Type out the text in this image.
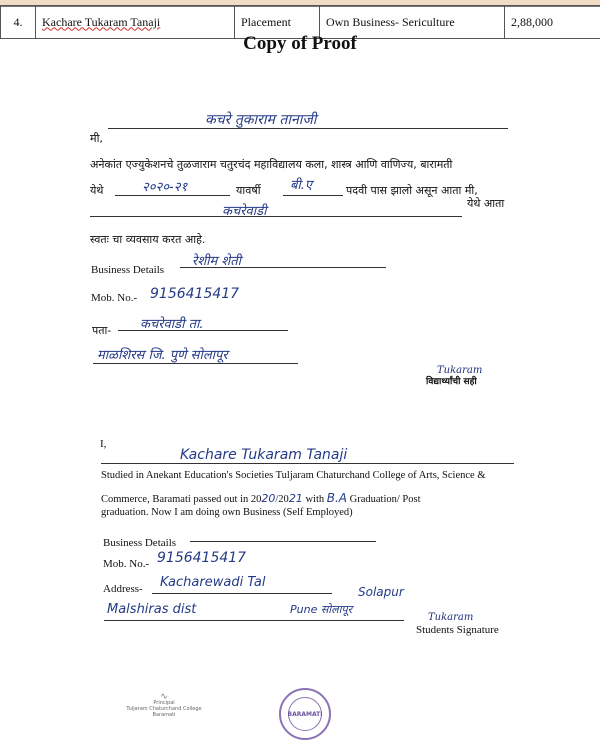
4.	Kachare Tukaram Tanaji	Placement	Own Business- Sericulture	2,88,000
Copy of Proof
मी,
कचरे तुकाराम तानाजी
अनेकांत एज्युकेशनचे तुळजाराम चतुरचंद महाविद्यालय कला, शास्त्र आणि वाणिज्य, बारामती
येथे	२०२०-२१	यावर्षी बी.ए	पदवी पास झालो असून आता मी,
कचरेवाडी
येथे आता
स्वतः चा व्यवसाय करत आहे.
Business Details
रेशीम शेती
Mob. No.- 9156415417
पता- कचरेवाडी ता.
माळशिरस जि. पुणे सोलापूर
Tukaram
विद्यार्थ्यांची सही
I,
Kachare Tukaram Tanaji
Studied in Anekant Education's Societies Tuljaram Chaturchand College of Arts, Science &
Commerce, Baramati passed out in 2020/2021 with B.A Graduation/ Post
graduation. Now I am doing own Business (Self Employed)
Business Details
Mob. No.- 9156415417
Address- Kacharewadi Tal
Malshiras dist	Pune सोलापूर
Solapur
Tukaram
Students Signature
∿
Principal
Tuljaram Chaturchand College
Baramati	BARAMATI
